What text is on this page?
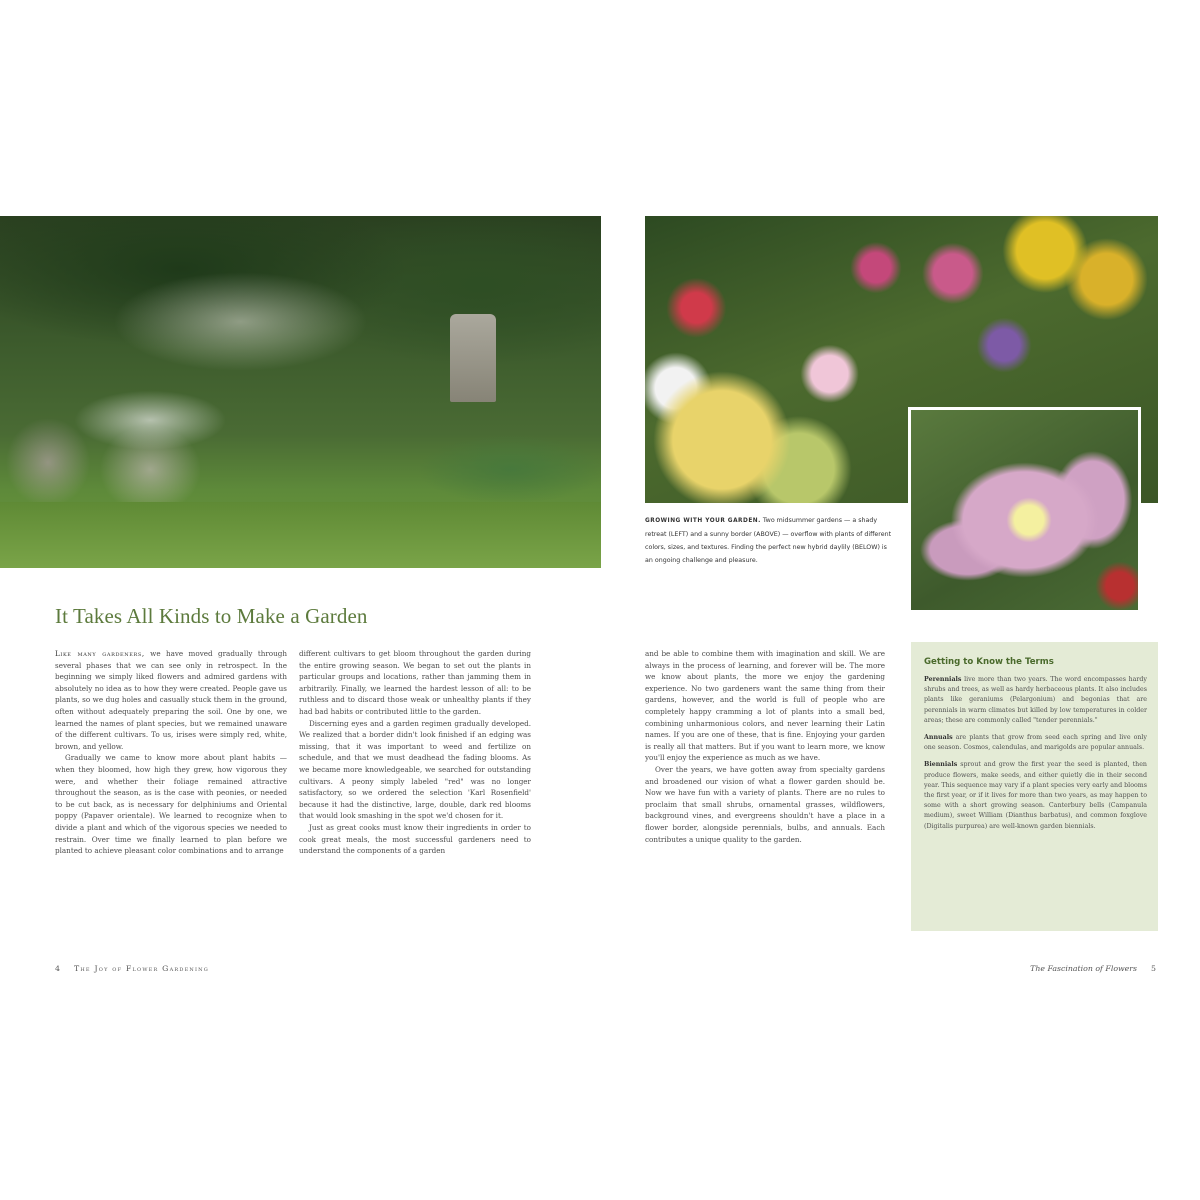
GROWING WITH YOUR GARDEN. Two midsummer gardens — a shady retreat (LEFT) and a sunny border (ABOVE) — overflow with plants of different colors, sizes, and textures. Finding the perfect new hybrid daylily (BELOW) is an ongoing challenge and pleasure.
It Takes All Kinds to Make a Garden

Like many gardeners, we have moved gradually through several phases that we can see only in retrospect. In the beginning we simply liked flowers and admired gardens with absolutely no idea as to how they were created. People gave us plants, so we dug holes and casually stuck them in the ground, often without adequately preparing the soil. One by one, we learned the names of plant species, but we remained unaware of the different cultivars. To us, irises were simply red, white, brown, and yellow.

Gradually we came to know more about plant habits — when they bloomed, how high they grew, how vigorous they were, and whether their foliage remained attractive throughout the season, as is the case with peonies, or needed to be cut back, as is necessary for delphiniums and Oriental poppy (Papaver orientale). We learned to recognize when to divide a plant and which of the vigorous species we needed to restrain. Over time we finally learned to plan before we planted to achieve pleasant color combinations and to arrange

different cultivars to get bloom throughout the garden during the entire growing season. We began to set out the plants in particular groups and locations, rather than jamming them in arbitrarily. Finally, we learned the hardest lesson of all: to be ruthless and to discard those weak or unhealthy plants if they had bad habits or contributed little to the garden.

Discerning eyes and a garden regimen gradually developed. We realized that a border didn't look finished if an edging was missing, that it was important to weed and fertilize on schedule, and that we must deadhead the fading blooms. As we became more knowledgeable, we searched for outstanding cultivars. A peony simply labeled "red" was no longer satisfactory, so we ordered the selection 'Karl Rosenfield' because it had the distinctive, large, double, dark red blooms that would look smashing in the spot we'd chosen for it.

Just as great cooks must know their ingredients in order to cook great meals, the most successful gardeners need to understand the components of a garden

and be able to combine them with imagination and skill. We are always in the process of learning, and forever will be. The more we know about plants, the more we enjoy the gardening experience. No two gardeners want the same thing from their gardens, however, and the world is full of people who are completely happy cramming a lot of plants into a small bed, combining unharmonious colors, and never learning their Latin names. If you are one of these, that is fine. Enjoying your garden is really all that matters. But if you want to learn more, we know you'll enjoy the experience as much as we have.

Over the years, we have gotten away from specialty gardens and broadened our vision of what a flower garden should be. Now we have fun with a variety of plants. There are no rules to proclaim that small shrubs, ornamental grasses, wildflowers, background vines, and evergreens shouldn't have a place in a flower border, alongside perennials, bulbs, and annuals. Each contributes a unique quality to the garden.

Getting to Know the Terms

Perennials live more than two years. The word encompasses hardy shrubs and trees, as well as hardy herbaceous plants. It also includes plants like geraniums (Pelargonium) and begonias that are perennials in warm climates but killed by low temperatures in colder areas; these are commonly called "tender perennials."

Annuals are plants that grow from seed each spring and live only one season. Cosmos, calendulas, and marigolds are popular annuals.

Biennials sprout and grow the first year the seed is planted, then produce flowers, make seeds, and either quietly die in their second year. This sequence may vary if a plant species very early and blooms the first year, or if it lives for more than two years, as may happen to some with a short growing season. Canterbury bells (Campanula medium), sweet William (Dianthus barbatus), and common foxglove (Digitalis purpurea) are well-known garden biennials.

4 The Joy of Flower Gardening	The Fascination of Flowers 5
